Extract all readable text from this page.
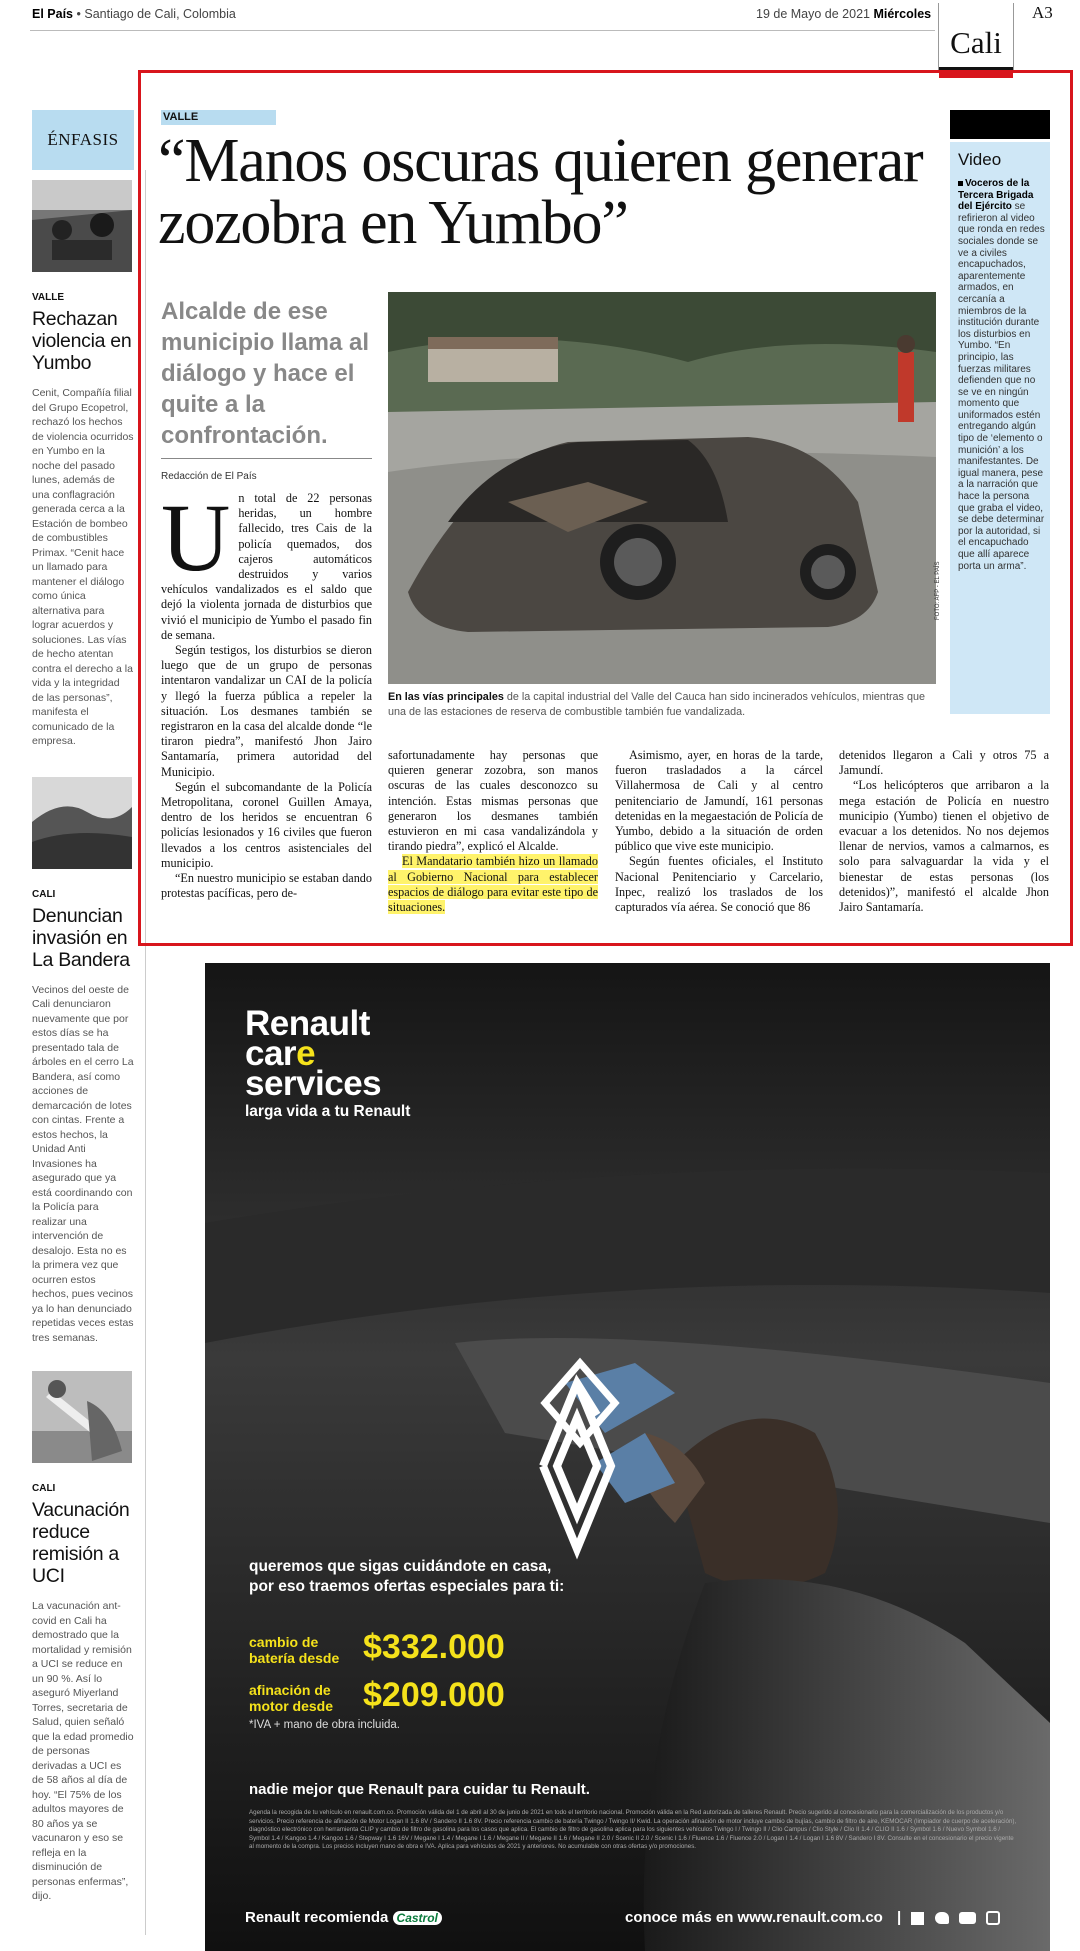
El País • Santiago de Cali, Colombia	19 de Mayo de 2021 Miércoles	A3
Cali
ÉNFASIS
VALLE
Rechazan violencia en Yumbo
Cenit, Compañía filial del Grupo Ecopetrol, rechazó los hechos de violencia ocurridos en Yumbo en la noche del pasado lunes, además de una conflagración generada cerca a la Estación de bombeo de combustibles Primax. “Cenit hace un llamado para mantener el diálogo como única alternativa para lograr acuerdos y soluciones. Las vías de hecho atentan contra el derecho a la vida y la integridad de las personas”, manifesta el comunicado de la empresa.
CALI
Denuncian invasión en La Bandera
Vecinos del oeste de Cali denunciaron nuevamente que por estos días se ha presentado tala de árboles en el cerro La Bandera, así como acciones de demarcación de lotes con cintas. Frente a estos hechos, la Unidad Anti Invasiones ha asegurado que ya está coordinando con la Policía para realizar una intervención de desalojo. Esta no es la primera vez que ocurren estos hechos, pues vecinos ya lo han denunciado repetidas veces estas tres semanas.
CALI
Vacunación reduce remisión a UCI
La vacunación ant-covid en Cali ha demostrado que la mortalidad y remisión a UCI se reduce en un 90 %. Así lo aseguró Miyerland Torres, secretaria de Salud, quien señaló que la edad promedio de personas derivadas a UCI es de 58 años al día de hoy. “El 75% de los adultos mayores de 80 años ya se vacunaron y eso se refleja en la disminución de personas enfermas”, dijo.
VALLE
“Manos oscuras quieren generar zozobra en Yumbo”
Alcalde de ese municipio llama al diálogo y hace el quite a la confrontación.
Redacción de El País

Un total de 22 personas heridas, un hombre fallecido, tres Cais de la policía quemados, dos cajeros automáticos destruidos y varios vehículos vandalizados es el saldo que dejó la violenta jornada de disturbios que vivió el municipio de Yumbo el pasado fin de semana.

Según testigos, los disturbios se dieron luego que de un grupo de personas intentaron vandalizar un CAI de la policía y llegó la fuerza pública a repeler la situación. Los desmanes también se registraron en la casa del alcalde donde “le tiraron piedra”, manifestó Jhon Jairo Santamaría, primera autoridad del Municipio.

Según el subcomandante de la Policía Metropolitana, coronel Guillen Amaya, dentro de los heridos se encuentran 6 policías lesionados y 16 civiles que fueron llevados a los centros asistenciales del municipio.

“En nuestro municipio se estaban dando protestas pacíficas, pero de-

safortunadamente hay personas que quieren generar zozobra, son manos oscuras de las cuales desconozco su intención. Estas mismas personas que generaron los desmanes también estuvieron en mi casa vandalizándola y tirando piedra”, explicó el Alcalde.

El Mandatario también hizo un llamado al Gobierno Nacional para establecer espacios de diálogo para evitar este tipo de situaciones.

Asimismo, ayer, en horas de la tarde, fueron trasladados a la cárcel Villahermosa de Cali y al centro penitenciario de Jamundí, 161 personas detenidas en la megaestación de Policía de Yumbo, debido a la situación de orden público que vive este municipio.

Según fuentes oficiales, el Instituto Nacional Penitenciario y Carcelario, Inpec, realizó los traslados de los capturados vía aérea. Se conoció que 86

detenidos llegaron a Cali y otros 75 a Jamundí.

“Los helicópteros que arribaron a la mega estación de Policía en nuestro municipio (Yumbo) tienen el objetivo de evacuar a los detenidos. No nos dejemos llenar de nervios, vamos a calmarnos, es solo para salvaguardar la vida y el bienestar de estas personas (los detenidos)”, manifestó el alcalde Jhon Jairo Santamaría.

FOTO: AFP - EL PAÍS
En las vías principales de la capital industrial del Valle del Cauca han sido incinerados vehículos, mientras que una de las estaciones de reserva de combustible también fue vandalizada.
Video
Voceros de la Tercera Brigada del Ejército se refirieron al video que ronda en redes sociales donde se ve a civiles encapuchados, aparentemente armados, en cercanía a miembros de la institución durante los disturbios en Yumbo. “En principio, las fuerzas militares defienden que no se ve en ningún momento que uniformados estén entregando algún tipo de ‘elemento o munición’ a los manifestantes. De igual manera, pese a la narración que hace la persona que graba el video, se debe determinar por la autoridad, si el encapuchado que allí aparece porta un arma”.
Renault
care
services
larga vida a tu Renault
queremos que sigas cuidándote en casa, por eso traemos ofertas especiales para ti:
cambio de batería desde $332.000
afinación de motor desde $209.000
*IVA + mano de obra incluida.
nadie mejor que Renault para cuidar tu Renault.
Agenda la recogida de tu vehículo en renault.com.co. Promoción válida del 1 de abril al 30 de junio de 2021 en todo el territorio nacional. Promoción válida en la Red autorizada de talleres Renault. Precio sugerido al concesionario para la comercialización de los productos y/o servicios. Precio referencia de afinación de Motor Logan II 1.6 8V / Sandero II 1.6 8V. Precio referencia cambio de batería Twingo / Twingo II/ Kwid. La operación afinación de motor incluye cambio de bujías, cambio de filtro de aire, KEMOCAR (limpiador de cuerpo de aceleración), diagnóstico electrónico con herramienta CLIP y cambio de filtro de gasolina para los casos que aplica. El cambio de filtro de gasolina aplica para los siguientes vehículos Twingo I / Twingo II / Clio Campus / Clio Style / Clio II 1.4 / CLIO II 1.6 / Symbol 1.6 / Nuevo Symbol 1.6 / Symbol 1.4 / Kangoo 1.4 / Kangoo 1.6 / Stepway I 1.6 16V / Megane I 1.4 / Megane I 1.6 / Megane II / Megane II 1.6 / Megane II 2.0 / Scenic II 2.0 / Scenic I 1.6 / Fluence 1.6 / Fluence 2.0 / Logan I 1.4 / Logan I 1.6 8V / Sandero I 8V. Consulte en el concesionario el precio vigente al momento de la compra. Los precios incluyen mano de obra e IVA. Aplica para vehículos de 2021 y anteriores. No acumulable con otras ofertas y/o promociones.
Renault recomienda Castrol	conoce más en www.renault.com.co |
